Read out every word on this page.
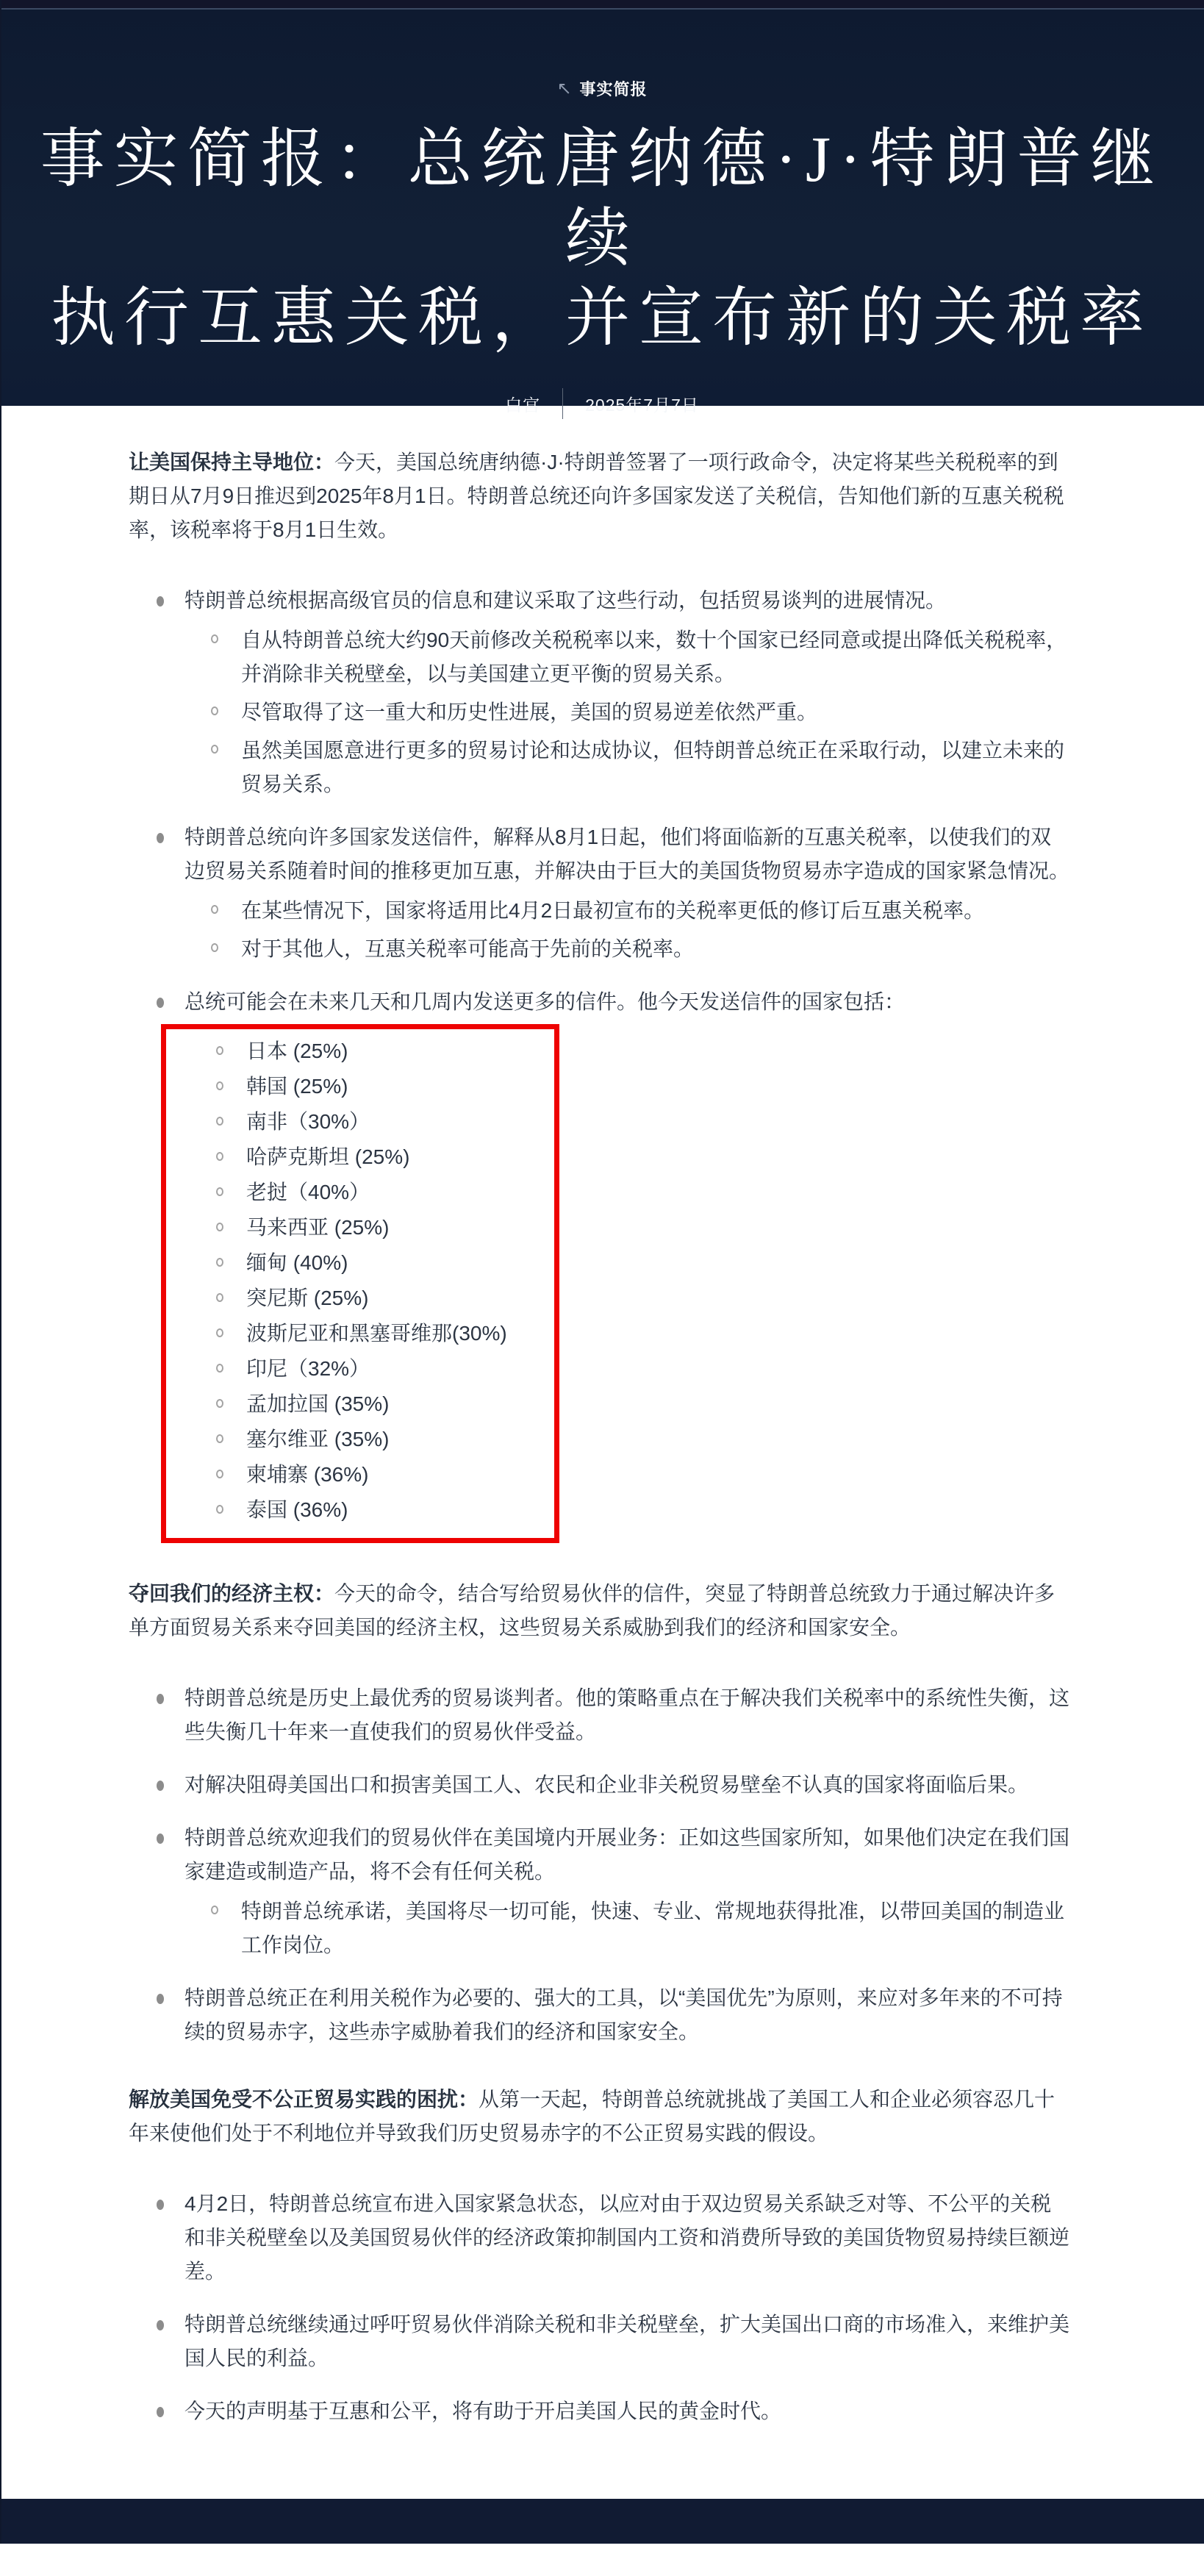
↖ 事实简报
事实简报：总统唐纳德·J·特朗普继续
执行互惠关税，并宣布新的关税率
白宫	2025年7月7日

让美国保持主导地位：今天，美国总统唐纳德·J·特朗普签署了一项行政命令，决定将某些关税税率的到期日从7月9日推迟到2025年8月1日。特朗普总统还向许多国家发送了关税信，告知他们新的互惠关税税率，该税率将于8月1日生效。

特朗普总统根据高级官员的信息和建议采取了这些行动，包括贸易谈判的进展情况。
自从特朗普总统大约90天前修改关税税率以来，数十个国家已经同意或提出降低关税税率，并消除非关税壁垒，以与美国建立更平衡的贸易关系。
尽管取得了这一重大和历史性进展，美国的贸易逆差依然严重。
虽然美国愿意进行更多的贸易讨论和达成协议，但特朗普总统正在采取行动，以建立未来的贸易关系。
特朗普总统向许多国家发送信件，解释从8月1日起，他们将面临新的互惠关税率，以使我们的双边贸易关系随着时间的推移更加互惠，并解决由于巨大的美国货物贸易赤字造成的国家紧急情况。
在某些情况下，国家将适用比4月2日最初宣布的关税率更低的修订后互惠关税率。
对于其他人，互惠关税率可能高于先前的关税率。
总统可能会在未来几天和几周内发送更多的信件。他今天发送信件的国家包括：
日本 (25%)
韩国 (25%)
南非（30%）
哈萨克斯坦 (25%)
老挝（40%）
马来西亚 (25%)
缅甸 (40%)
突尼斯 (25%)
波斯尼亚和黑塞哥维那(30%)
印尼（32%）
孟加拉国 (35%)
塞尔维亚 (35%)
柬埔寨 (36%)
泰国 (36%)

夺回我们的经济主权：今天的命令，结合写给贸易伙伴的信件，突显了特朗普总统致力于通过解决许多单方面贸易关系来夺回美国的经济主权，这些贸易关系威胁到我们的经济和国家安全。

特朗普总统是历史上最优秀的贸易谈判者。他的策略重点在于解决我们关税率中的系统性失衡，这些失衡几十年来一直使我们的贸易伙伴受益。
对解决阻碍美国出口和损害美国工人、农民和企业非关税贸易壁垒不认真的国家将面临后果。
特朗普总统欢迎我们的贸易伙伴在美国境内开展业务：正如这些国家所知，如果他们决定在我们国家建造或制造产品，将不会有任何关税。
特朗普总统承诺，美国将尽一切可能，快速、专业、常规地获得批准，以带回美国的制造业工作岗位。
特朗普总统正在利用关税作为必要的、强大的工具，以“美国优先”为原则，来应对多年来的不可持续的贸易赤字，这些赤字威胁着我们的经济和国家安全。

解放美国免受不公正贸易实践的困扰：从第一天起，特朗普总统就挑战了美国工人和企业必须容忍几十年来使他们处于不利地位并导致我们历史贸易赤字的不公正贸易实践的假设。

4月2日，特朗普总统宣布进入国家紧急状态，以应对由于双边贸易关系缺乏对等、不公平的关税和非关税壁垒以及美国贸易伙伴的经济政策抑制国内工资和消费所导致的美国货物贸易持续巨额逆差。
特朗普总统继续通过呼吁贸易伙伴消除关税和非关税壁垒，扩大美国出口商的市场准入，来维护美国人民的利益。
今天的声明基于互惠和公平，将有助于开启美国人民的黄金时代。
